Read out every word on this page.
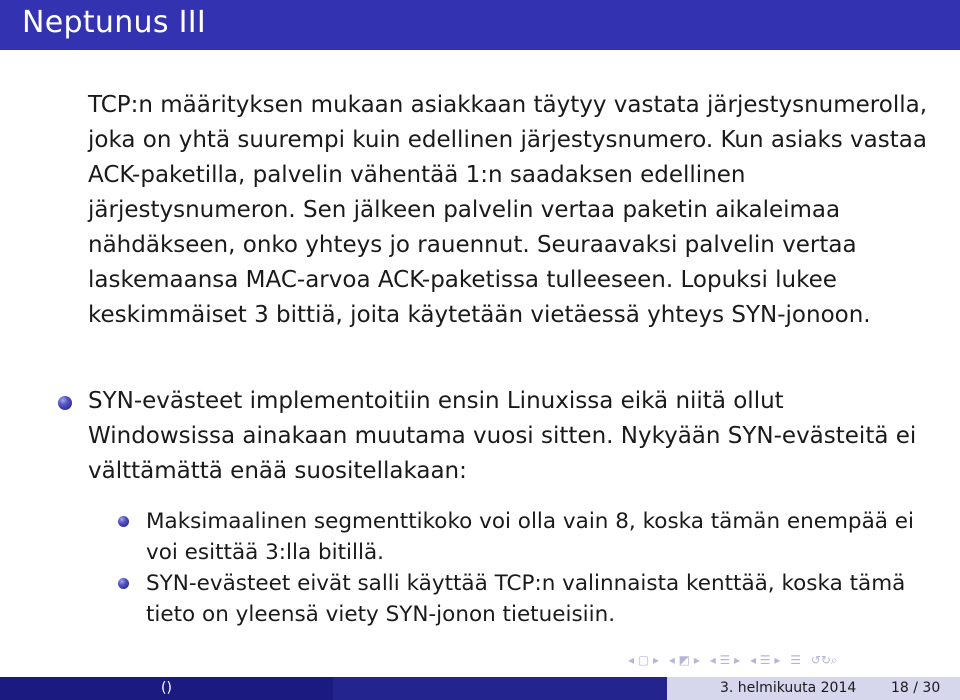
Neptunus III
TCP:n määrityksen mukaan asiakkaan täytyy vastata järjestysnumerolla, joka on yhtä suurempi kuin edellinen järjestysnumero. Kun asiaks vastaa ACK-paketilla, palvelin vähentää 1:n saadaksen edellinen järjestysnumeron. Sen jälkeen palvelin vertaa paketin aikaleimaa nähdäkseen, onko yhteys jo rauennut. Seuraavaksi palvelin vertaa laskemaansa MAC-arvoa ACK-paketissa tulleeseen. Lopuksi lukee keskimmäiset 3 bittiä, joita käytetään vietäessä yhteys SYN-jonoon.
SYN-evästeet implementoitiin ensin Linuxissa eikä niitä ollut Windowsissa ainakaan muutama vuosi sitten. Nykyään SYN-evästeitä ei välttämättä enää suositellakaan:
Maksimaalinen segmenttikoko voi olla vain 8, koska tämän enempää ei voi esittää 3:lla bitillä.
SYN-evästeet eivät salli käyttää TCP:n valinnaista kenttää, koska tämä tieto on yleensä viety SYN-jonon tietueisiin.
◂ ▢ ▸ ◂ ◩ ▸ ◂ ☰ ▸ ◂ ☰ ▸ ☰ ↺↻⌕
()	3. helmikuuta 2014 18 / 30
